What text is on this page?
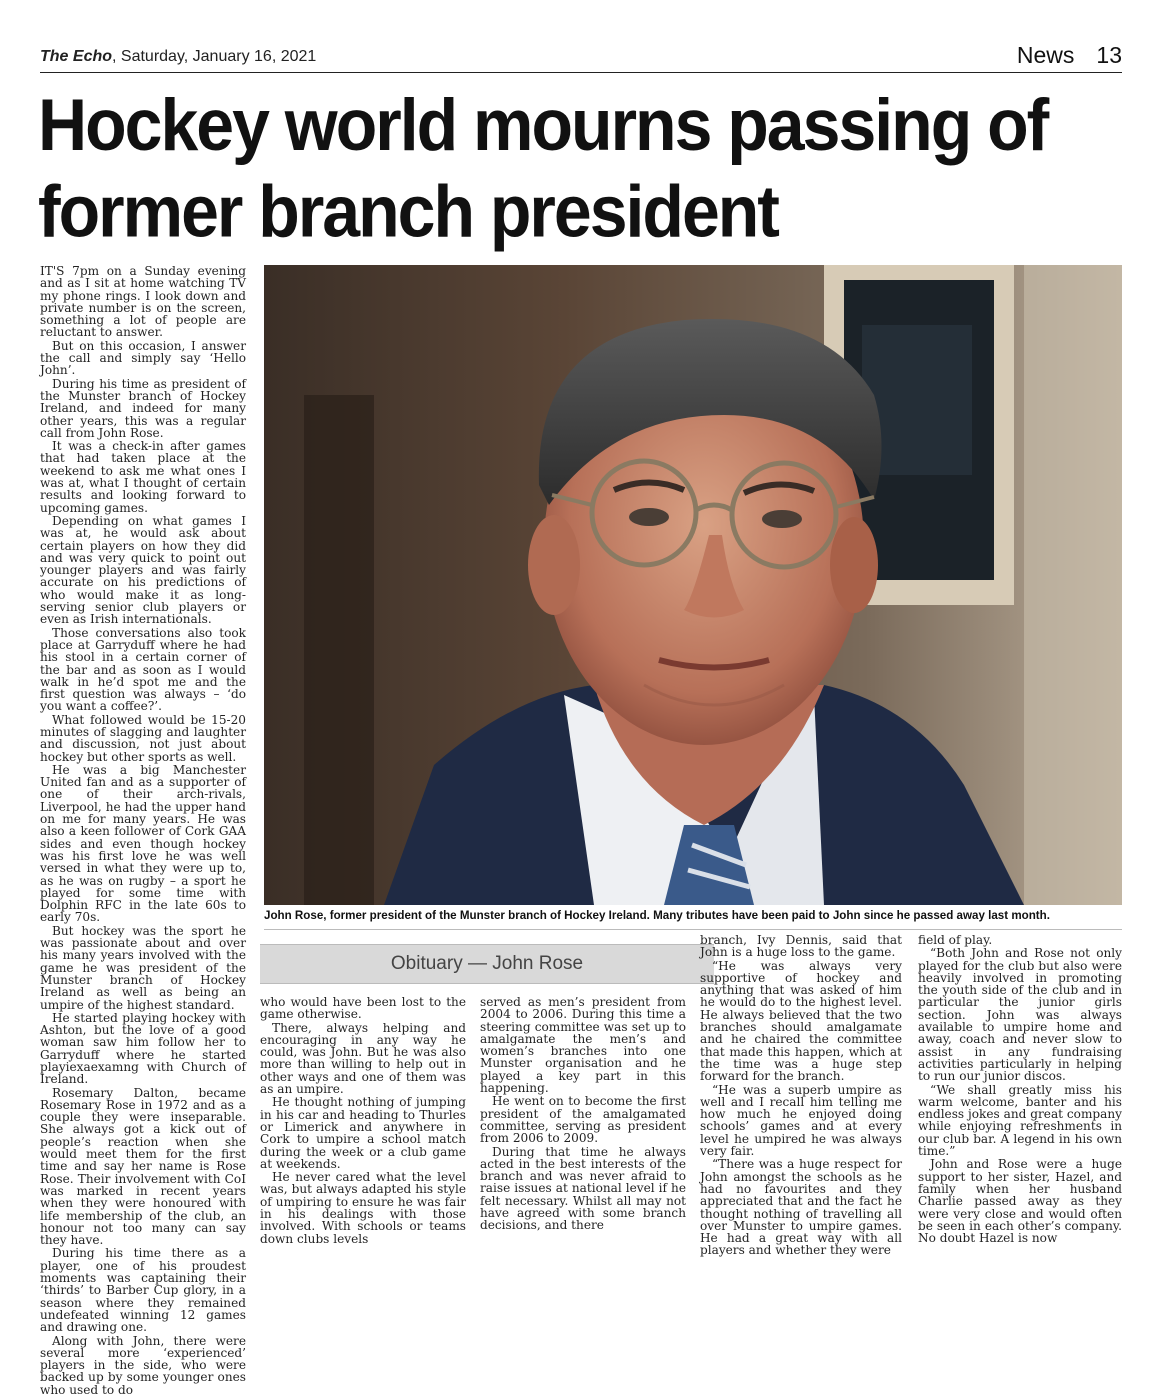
The Echo, Saturday, January 16, 2021	News 13
Hockey world mourns passing of former branch president

IT'S 7pm on a Sunday evening and as I sit at home watching TV my phone rings. I look down and private number is on the screen, something a lot of people are reluctant to answer.

But on this occasion, I answer the call and simply say ‘Hello John’.

During his time as president of the Munster branch of Hockey Ireland, and indeed for many other years, this was a regular call from John Rose.

It was a check-in after games that had taken place at the weekend to ask me what ones I was at, what I thought of certain results and looking forward to upcoming games.

Depending on what games I was at, he would ask about certain players on how they did and was very quick to point out younger players and was fairly accurate on his predictions of who would make it as long-serving senior club players or even as Irish internationals.

Those conversations also took place at Garryduff where he had his stool in a certain corner of the bar and as soon as I would walk in he’d spot me and the first question was always – ‘do you want a coffee?’.

What followed would be 15-20 minutes of slagging and laughter and discussion, not just about hockey but other sports as well.

He was a big Manchester United fan and as a supporter of one of their arch-rivals, Liverpool, he had the upper hand on me for many years. He was also a keen follower of Cork GAA sides and even though hockey was his first love he was well versed in what they were up to, as he was on rugby – a sport he played for some time with Dolphin RFC in the late 60s to early 70s.

But hockey was the sport he was passionate about and over his many years involved with the game he was president of the Munster branch of Hockey Ireland as well as being an umpire of the highest standard.

He started playing hockey with Ashton, but the love of a good woman saw him follow her to Garryduff where he started playiexaexamng with Church of Ireland.

Rosemary Dalton, became Rosemary Rose in 1972 and as a couple they were inseparable. She always got a kick out of people’s reaction when she would meet them for the first time and say her name is Rose Rose. Their involvement with CoI was marked in recent years when they were honoured with life membership of the club, an honour not too many can say they have.

During his time there as a player, one of his proudest moments was captaining their ‘thirds’ to Barber Cup glory, in a season where they remained undefeated winning 12 games and drawing one.

Along with John, there were several more ‘experienced’ players in the side, who were backed up by some younger ones who used to do

John Rose, former president of the Munster branch of Hockey Ireland. Many tributes have been paid to John since he passed away last month.
Obituary — John Rose

who would have been lost to the game otherwise.

There, always helping and encouraging in any way he could, was John. But he was also more than willing to help out in other ways and one of them was as an umpire.

He thought nothing of jumping in his car and heading to Thurles or Limerick and anywhere in Cork to umpire a school match during the week or a club game at weekends.

He never cared what the level was, but always adapted his style of umpiring to ensure he was fair in his dealings with those involved. With schools or teams down clubs levels

served as men’s president from 2004 to 2006. During this time a steering committee was set up to amalgamate the men’s and women’s branches into one Munster organisation and he played a key part in this happening.

He went on to become the first president of the amalgamated committee, serving as president from 2006 to 2009.

During that time he always acted in the best interests of the branch and was never afraid to raise issues at national level if he felt necessary. Whilst all may not have agreed with some branch decisions, and there

branch, Ivy Dennis, said that John is a huge loss to the game.

“He was always very supportive of hockey and anything that was asked of him he would do to the highest level. He always believed that the two branches should amalgamate and he chaired the committee that made this happen, which at the time was a huge step forward for the branch.

“He was a superb umpire as well and I recall him telling me how much he enjoyed doing schools’ games and at every level he umpired he was always very fair.

“There was a huge respect for John amongst the schools as he had no favourites and they appreciated that and the fact he thought nothing of travelling all over Munster to umpire games. He had a great way with all players and whether they were

field of play.

“Both John and Rose not only played for the club but also were heavily involved in promoting the youth side of the club and in particular the junior girls section. John was always available to umpire home and away, coach and never slow to assist in any fundraising activities particularly in helping to run our junior discos.

“We shall greatly miss his warm welcome, banter and his endless jokes and great company while enjoying refreshments in our club bar. A legend in his own time.”

John and Rose were a huge support to her sister, Hazel, and family when her husband Charlie passed away as they were very close and would often be seen in each other’s company. No doubt Hazel is now
